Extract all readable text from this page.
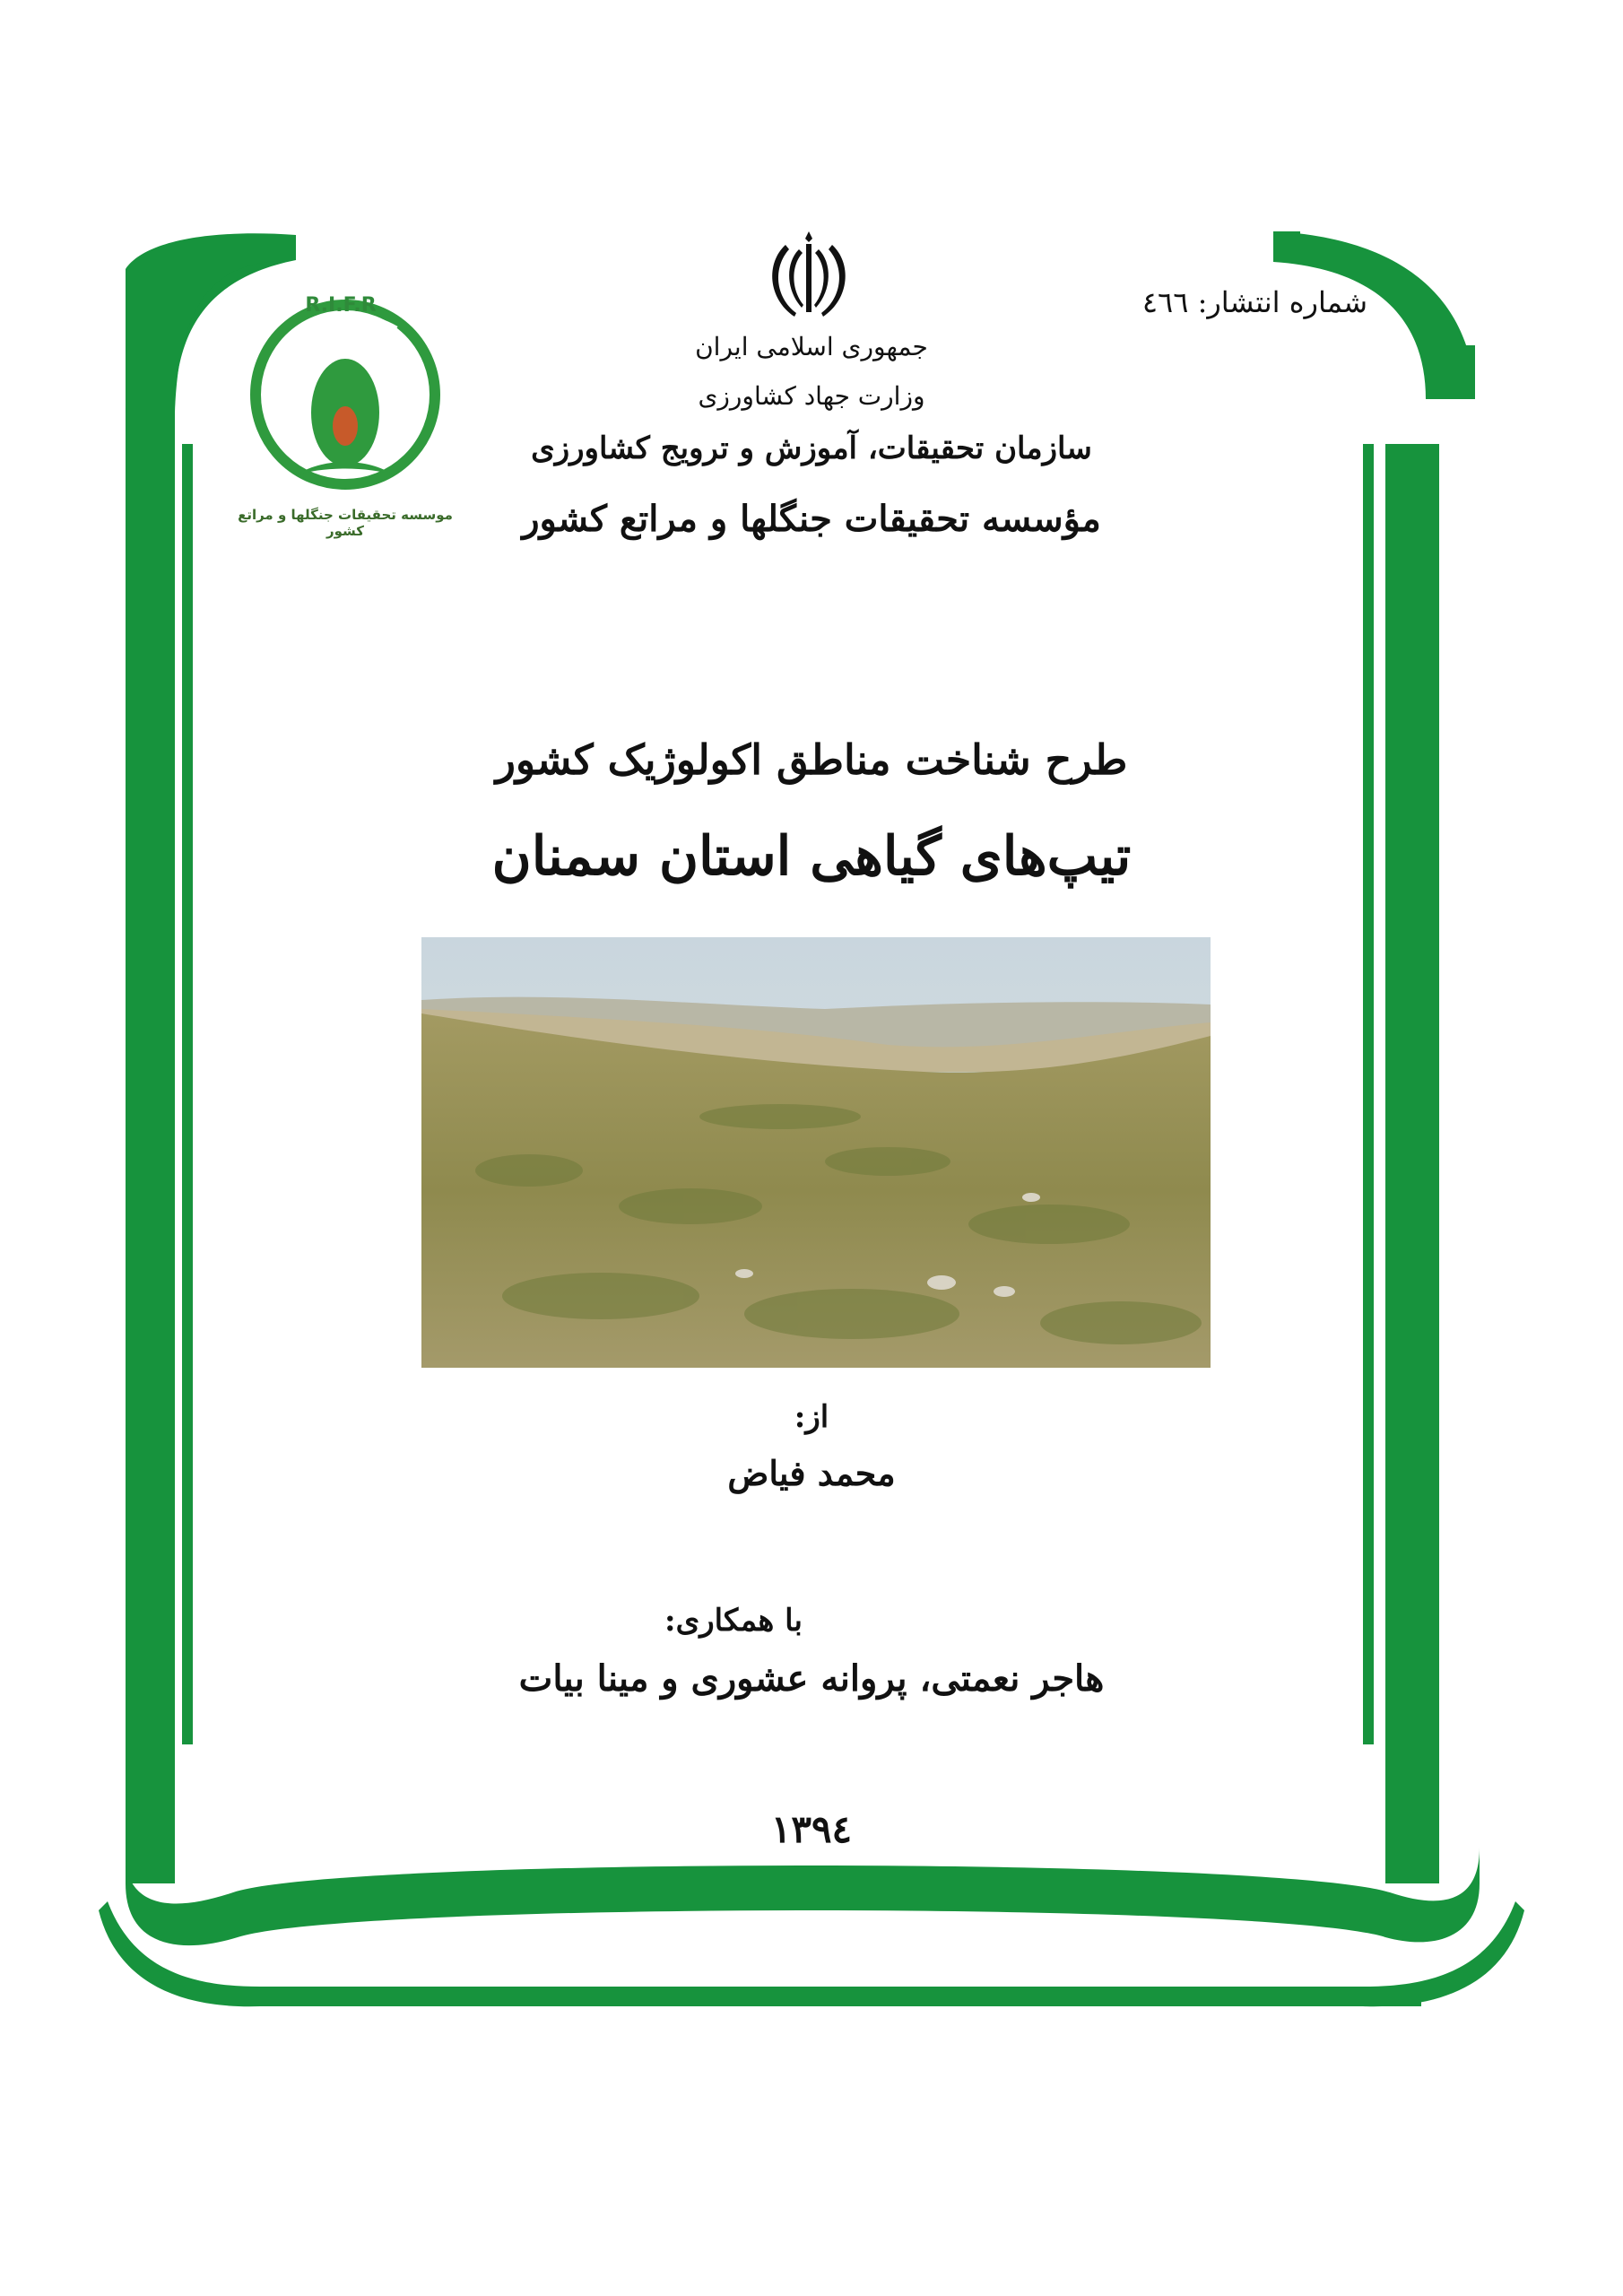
R.I.F.R
موسسه تحقیقات جنگلها و مراتع کشور
شماره انتشار: ٤٦٦
جمهوری اسلامی ایران
وزارت جهاد کشاورزی
سازمان تحقیقات، آموزش و ترویج کشاورزی
مؤسسه تحقیقات جنگلها و مراتع کشور
طرح شناخت مناطق اکولوژیک کشور
تیپ‌های گیاهی استان سمنان
از:
محمد فیاض
با همکاری:
هاجر نعمتی، پروانه عشوری و مینا بیات
١٣٩٤
